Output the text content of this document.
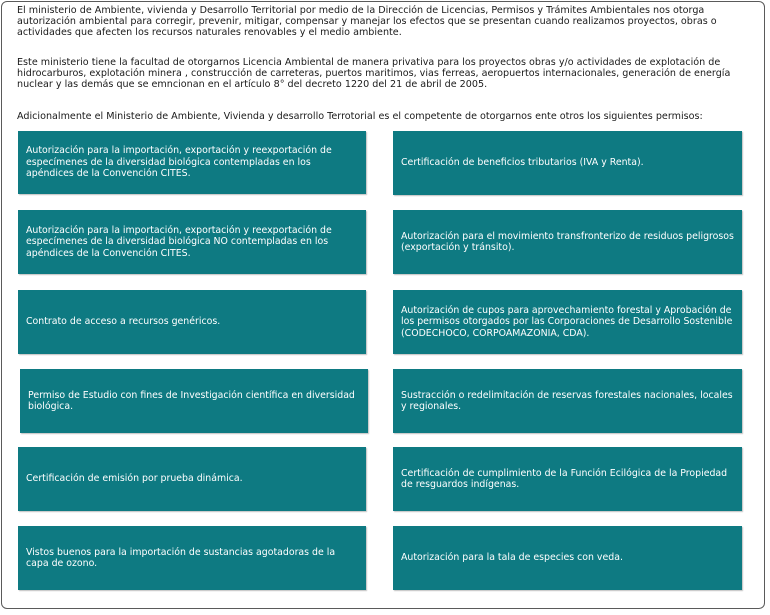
El ministerio de Ambiente, vivienda y Desarrollo Territorial por medio de la Dirección de Licencias, Permisos y Trámites Ambientales nos otorga autorización ambiental para corregir, prevenir, mitigar, compensar y manejar los efectos que se presentan cuando realizamos proyectos, obras o actividades que afecten los recursos naturales renovables y el medio ambiente.

Este ministerio tiene la facultad de otorgarnos Licencia Ambiental de manera privativa para los proyectos obras y/o actividades de explotación de hidrocarburos, explotación minera , construcción de carreteras, puertos maritimos, vias ferreas, aeropuertos internacionales, generación de energía nuclear y las demás que se emncionan en el artículo 8° del decreto 1220 del 21 de abril de 2005.

Adicionalmente el Ministerio de Ambiente, Vivienda y desarrollo Terrotorial es el competente de otorgarnos ente otros los siguientes permisos:

Autorización para la importación, exportación y reexportación de especímenes de la diversidad biológica contempladas en los apéndices de la Convención CITES.
Autorización para la importación, exportación y reexportación de especímenes de la diversidad biológica NO contempladas en los apéndices de la Convención CITES.
Contrato de acceso a recursos genéricos.
Permiso de Estudio con fines de Investigación científica en diversidad biológica.
Certificación de emisión por prueba dinámica.
Vistos buenos para la importación de sustancias agotadoras de la capa de ozono.
Certificación de beneficios tributarios (IVA y Renta).
Autorización para el movimiento transfronterizo de residuos peligrosos (exportación y tránsito).
Autorización de cupos para aprovechamiento forestal y Aprobación de los permisos otorgados por las Corporaciones de Desarrollo Sostenible (CODECHOCO, CORPOAMAZONIA, CDA).
Sustracción o redelimitación de reservas forestales nacionales, locales y regionales.
Certificación de cumplimiento de la Función Ecilógica de la Propiedad de resguardos indígenas.
Autorización para la tala de especies con veda.
